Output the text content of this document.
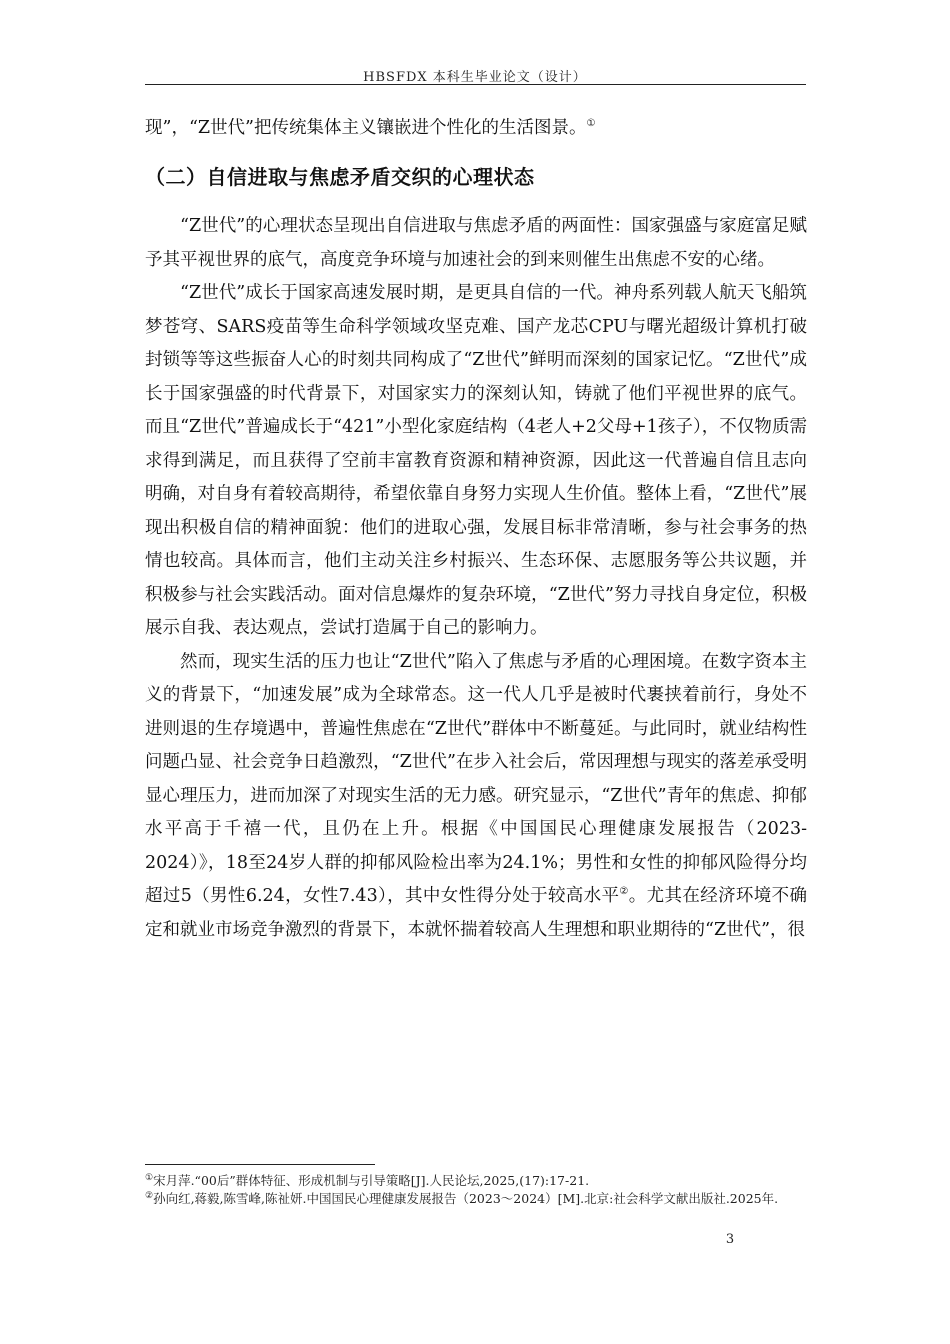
HBSFDX 本科生毕业论文（设计）

现”，“Z世代”把传统集体主义镶嵌进个性化的生活图景。①

（二）自信进取与焦虑矛盾交织的心理状态

“Z世代”的心理状态呈现出自信进取与焦虑矛盾的两面性：国家强盛与家庭富足赋予其平视世界的底气，高度竞争环境与加速社会的到来则催生出焦虑不安的心绪。

“Z世代”成长于国家高速发展时期，是更具自信的一代。神舟系列载人航天飞船筑梦苍穹、SARS疫苗等生命科学领域攻坚克难、国产龙芯CPU与曙光超级计算机打破封锁等等这些振奋人心的时刻共同构成了“Z世代”鲜明而深刻的国家记忆。“Z世代”成长于国家强盛的时代背景下，对国家实力的深刻认知，铸就了他们平视世界的底气。而且“Z世代”普遍成长于“421”小型化家庭结构（4老人+2父母+1孩子），不仅物质需求得到满足，而且获得了空前丰富教育资源和精神资源，因此这一代普遍自信且志向明确，对自身有着较高期待，希望依靠自身努力实现人生价值。整体上看，“Z世代”展现出积极自信的精神面貌：他们的进取心强，发展目标非常清晰，参与社会事务的热情也较高。具体而言，他们主动关注乡村振兴、生态环保、志愿服务等公共议题，并积极参与社会实践活动。面对信息爆炸的复杂环境，“Z世代”努力寻找自身定位，积极展示自我、表达观点，尝试打造属于自己的影响力。

然而，现实生活的压力也让“Z世代”陷入了焦虑与矛盾的心理困境。在数字资本主义的背景下，“加速发展”成为全球常态。这一代人几乎是被时代裹挟着前行，身处不进则退的生存境遇中，普遍性焦虑在“Z世代”群体中不断蔓延。与此同时，就业结构性问题凸显、社会竞争日趋激烈，“Z世代”在步入社会后，常因理想与现实的落差承受明显心理压力，进而加深了对现实生活的无力感。研究显示，“Z世代”青年的焦虑、抑郁水平高于千禧一代，且仍在上升。根据《中国国民心理健康发展报告（2023-2024）》，18至24岁人群的抑郁风险检出率为24.1%；男性和女性的抑郁风险得分均超过5（男性6.24，女性7.43），其中女性得分处于较高水平②。尤其在经济环境不确定和就业市场竞争激烈的背景下，本就怀揣着较高人生理想和职业期待的“Z世代”，很

①宋月萍.“00后”群体特征、形成机制与引导策略[J].人民论坛,2025,(17):17-21.

②孙向红,蒋毅,陈雪峰,陈祉妍.中国国民心理健康发展报告（2023～2024）[M].北京:社会科学文献出版社.2025年.

3
